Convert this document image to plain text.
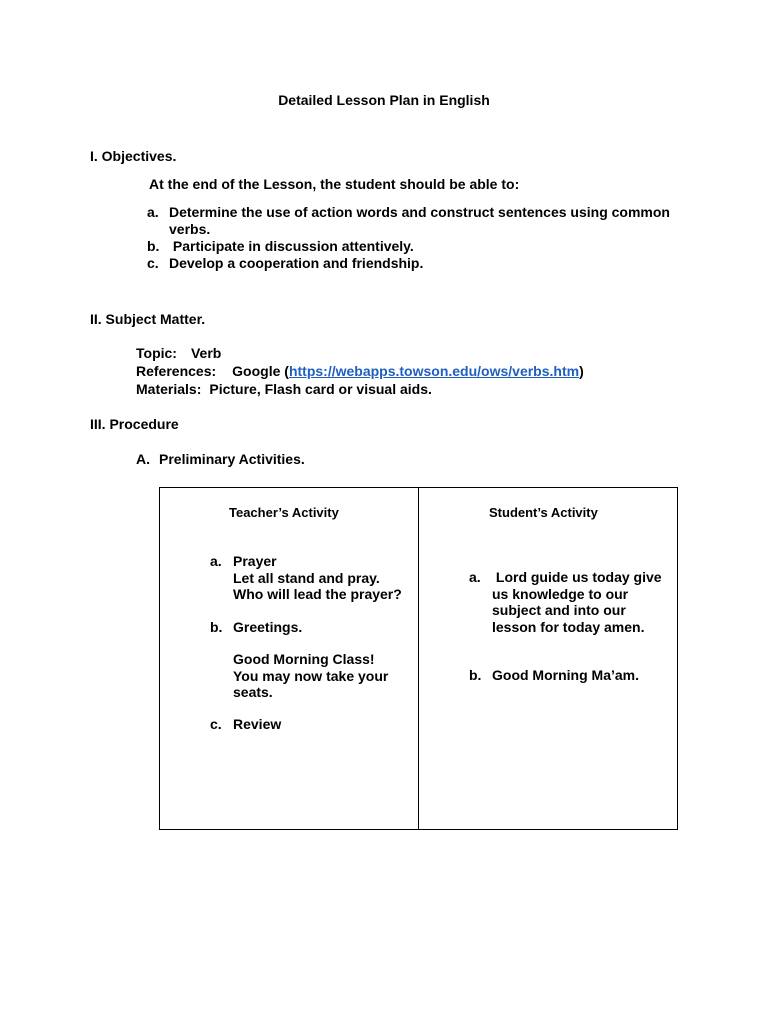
Detailed Lesson Plan in English
I. Objectives.
At the end of the Lesson, the student should be able to:
a. Determine the use of action words and construct sentences using common verbs.
b. Participate in discussion attentively.
c. Develop a cooperation and friendship.
II. Subject Matter.
Topic: Verb
References: Google (https://webapps.towson.edu/ows/verbs.htm)
Materials: Picture, Flash card or visual aids.
III. Procedure
A. Preliminary Activities.
Teacher’s Activity	Student’s Activity
a. Prayer
Let all stand and pray.
Who will lead the prayer?
b. Greetings.
Good Morning Class!
You may now take your
seats.
c. Review
a. Lord guide us today give
us knowledge to our
subject and into our
lesson for today amen.
b. Good Morning Ma’am.
